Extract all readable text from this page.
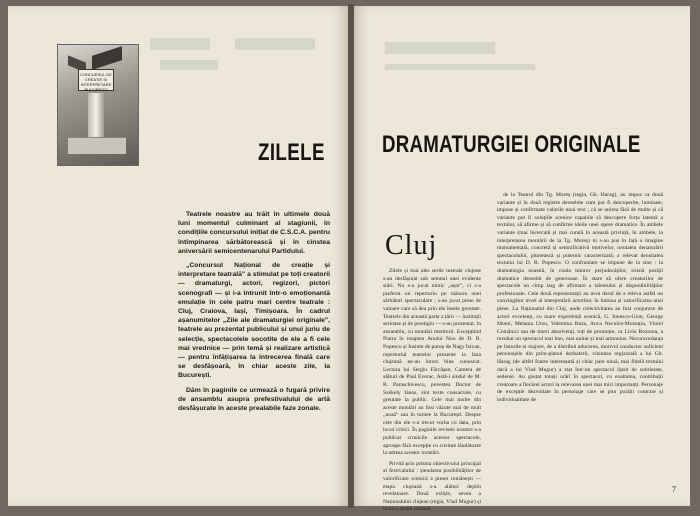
CONCURSUL DE CREAȚIE ȘI INTERPRETARE BUCUREȘTI
ZILELE

Teatrele noastre au trăit în ultimele două luni momentul culminant al stagiunii, în condițiile concursului inițiat de C.S.C.A. pentru întîmpinarea sărbătorească și în cinstea aniversării semicentenarului Partidului.

„Concursul Național de creație și interpretare teatrală" a stimulat pe toți creatorii — dramaturgi, actori, regizori, pictori scenografi — și i-a întrunit într-o emoționantă emulație în cele patru mari centre teatrale : Cluj, Craiova, Iași, Timișoara. În cadrul așanumitelor „Zile ale dramaturgiei originale", teatrele au prezentat publicului și unui juriu de selecție, spectacolele socotite de ele a fi cele mai vrednice — prin temă și realizare artistică — pentru înfățișarea la întrecerea finală care se desfășoară, în chiar aceste zile, la București.

Dăm în paginile ce urmează o fugară privire de ansamblu asupra prefestivalului de artă desfășurate în aceste prealabile faze zonale.

DRAMATURGIEI ORIGINALE
Cluj

Zilele și mai ales serile teatrale clujene s-au desfășurat sub semnul unei evidente stări. Nu s-a jucat nimic „ușor", ci s-a preferat un repertoriu pe măsura unei sărbători spectaculare ; s-au jucat piese de valoare care să dea prin ele însele greutate. Teatrele din această parte a țării — instituții serioase și de prestigiu — s-au prezentat, în ansamblu, cu montări meritorii. Excepțiind Piatra în noaptea Anului Nou de D. R. Popescu și Insinte de potop de Nagy Istvan, repertoriul teatrelor prezente la faza clujeană ne-au întors bine cunoscut. Lectura lui Sergiu Fărcășan, Camera de alături de Paul Everac, Astă-i sindul de M. R. Paraschivescu, povestea Doctor de Székely Iános, sînt texte consacrate, cu greutate la public. Cele mai multe din aceste montări au fost văzute mai de mult „noaă" sau în turnee la București. Despre cele din ele s-a trecut vorba cu data, prin locul critici. În paginile revistei noastre s-a publicat cronicile acestor spectacole, aproape fără excepție cu cuvinte lăudătoare la adresa acestor montări.

Privită prin prisma obiectivului principal al festivalului : ștendarea posibilităților de valorificare scenică a piesei românești — etapa clujeană s-a alături deplin revelatoare. Două exliție, seven a Naționalului clujean (regia, Vlad Mugur) și noua o secție română

de la Teatrul din Tg. Mureș (regia, Gh. Harag), au impus ca două variante și în două registre deosebite cum pot fi descoperite, luminate, impuse și confirmate valorile unui text ; că se unirea fără de multe și că variante pot fi soluțiile scenice capabile să descopere forța latentă a textului, să afirme și să confirme ideile unei opere dramatice. În ambele variante (mai încercată și mai curată în această privință, în ambele, la interpretarea montării de la Tg. Mureș) ni s-au pus în față o imagine monumentală, concretă și semnificativă motivelor, noutatea denaturării spectacolului, pitorească și puternic caracterizată, a relevat densitatea textului lui D. R. Popescu. O confruntare se impune de la sine : la dramaturgia noastră, în ciuda tuturor prejudecăților, există poziții dramatice deosebit de generoase. În stare să ofere creatorilor de spectacole un cîmp larg de afirmare a talentului și disponibilităților profesionale. Cele două reprezentații au avut darul de a releva astfel un convingător nivel al interpretării actorilor, în lumina și valorificarea unei piese. La Naționalul din Cluj, unde colectivitatea au fost conjuncte de actori excelenți, cu mare experiență scenică, G. Ionescu-Gion, George Motoi, Melania Ursu, Valentina Buza, Anca Neculce-Moisuțiu, Viorel Comănici sau de tineri absolvenți, toți de promoție, ca Liviu Rozorea, a rezultat un spectacol mai bun, mai unitar și mai armonios. Neconcordanța pe listurile ei majore, de a distribui aducerea, motivul conductor suficient personajele din prim-planul dezbaterii, viziunea regizorală a lui Gh. Harag (de altfel foarte interesantă și chiar pare nouă, mai fidelă textului dacă a lui Vlad Mugur) a stat într-un spectacol lipsit de sobrietate, sedenie. Au gustat totuși urări în spectacol, cu exaltarea, contribuții creatoare a fiecărei actori la relevarea unei mai mici importanți. Personaje de excepție dezvoltate în personaje care se pun poziții contrare și individualitate de

7
